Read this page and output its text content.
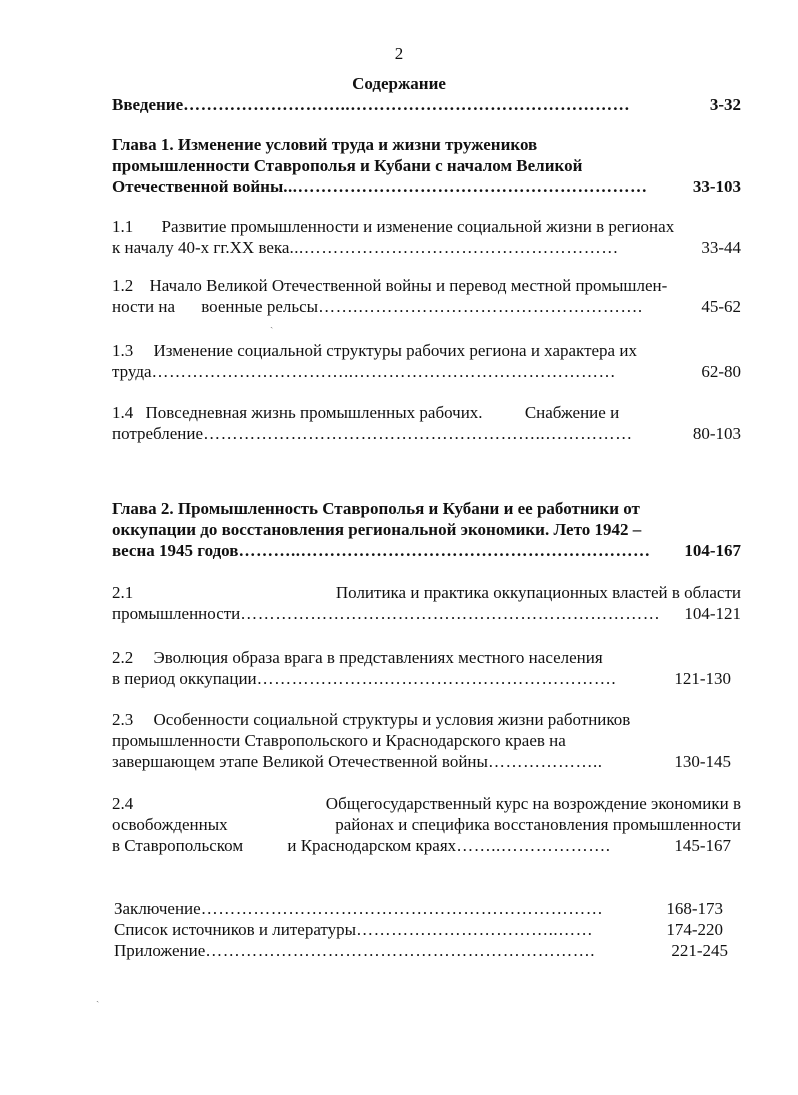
2
Содержание
Введение………………………..…………………………………………	3-32
Глава 1. Изменение условий труда и жизни тружеников
промышленности Ставрополья и Кубани с началом Великой
Отечественной войны...……………………………………………………	33-103
1.1 Развитие промышленности и изменение социальной жизни в регионах
к началу 40-х гг.ХХ века...………………………………………………	33-44
1.2 Начало Великой Отечественной войны и перевод местной промышлен-
ности на военные рельсы…….………………………………………….	45-62
1.3 Изменение социальной структуры рабочих региона и характера их
труда……………………………..………………………………………	62-80
1.4 Повседневная жизнь промышленных рабочих. Снабжение и
потребление…………………………………………………..……………	80-103
Глава 2. Промышленность Ставрополья и Кубани и ее работники от
оккупации до восстановления региональной экономики. Лето 1942 –
весна 1945 годов………..…………………………………………………… 104-167
2.1	Политика и практика оккупационных властей в области
промышленности……………………………………………………………… 104-121
2.2 Эволюция образа врага в представлениях местного населения
в период оккупации………………….………………………………….	121-130
2.3 Особенности социальной структуры и условия жизни работников
промышленности Ставропольского и Краснодарского краев на
завершающем этапе Великой Отечественной войны………………..	130-145
2.4	Общегосударственный курс на возрождение экономики в
освобожденных	районах и специфика восстановления промышленности
в Ставропольском	и Краснодарском краях……..……………….	145-167
Заключение……………………………………………………………	168-173
Список источников и литературы……………………………..……	174-220
Приложение………………………………………………………….	221-245
ˏ
ˏ
